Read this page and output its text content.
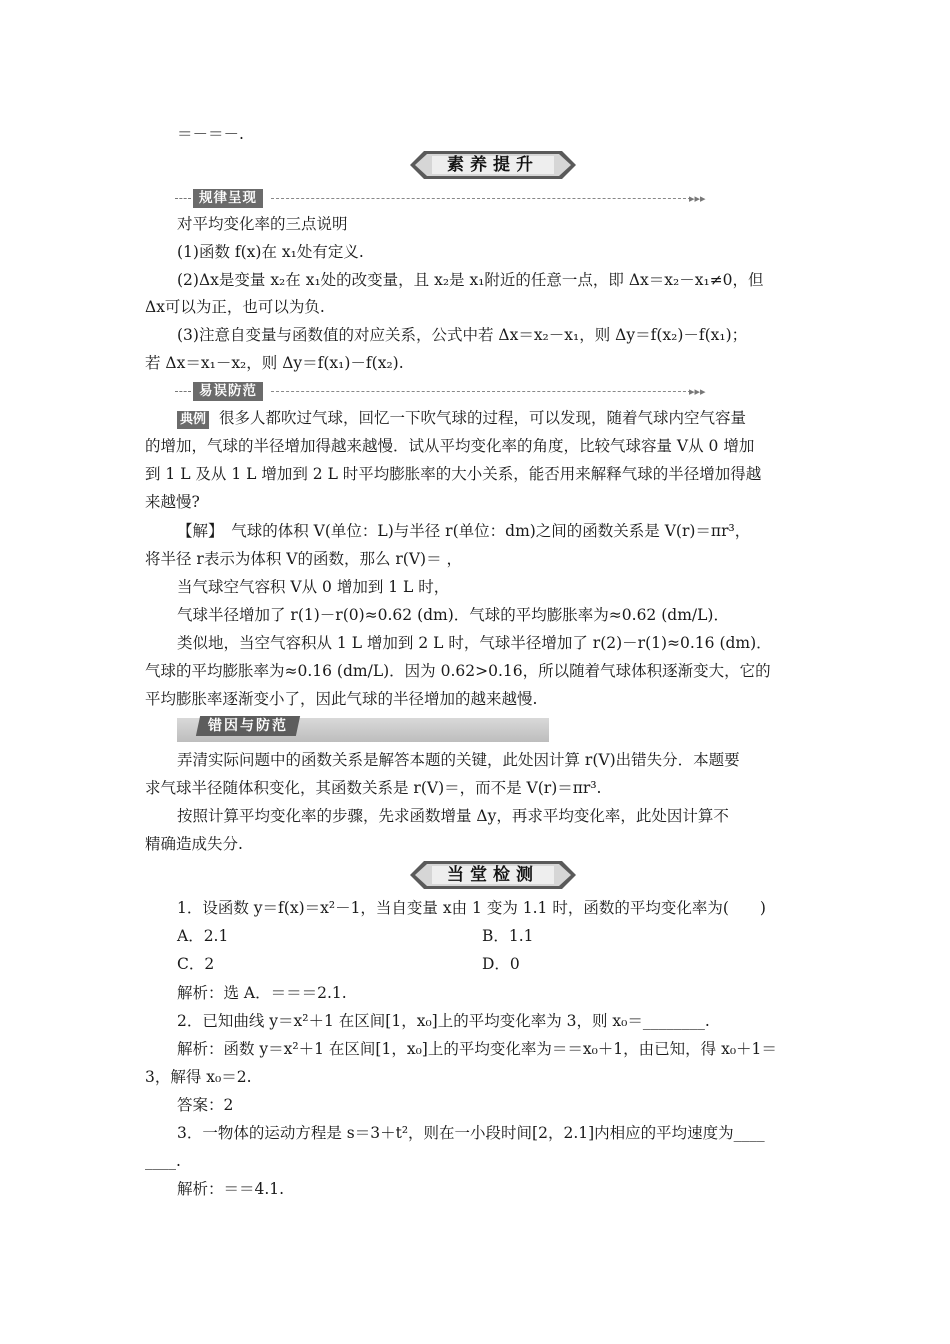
＝－＝－.
素养提升
规律呈现	▸▸▸
对平均变化率的三点说明
(1)函数 f(x)在 x₁处有定义.
(2)Δx是变量 x₂在 x₁处的改变量，且 x₂是 x₁附近的任意一点，即 Δx＝x₂－x₁≠0，但
Δx可以为正，也可以为负.
(3)注意自变量与函数值的对应关系，公式中若 Δx＝x₂－x₁，则 Δy＝f(x₂)－f(x₁)；
若 Δx＝x₁－x₂，则 Δy＝f(x₁)－f(x₂).
易误防范	▸▸▸
典例 很多人都吹过气球，回忆一下吹气球的过程，可以发现，随着气球内空气容量
的增加，气球的半径增加得越来越慢．试从平均变化率的角度，比较气球容量 V从 0 增加
到 1 L 及从 1 L 增加到 2 L 时平均膨胀率的大小关系，能否用来解释气球的半径增加得越
来越慢?
【解】　气球的体积 V(单位：L)与半径 r(单位：dm)之间的函数关系是 V(r)＝πr³，
将半径 r表示为体积 V的函数，那么 r(V)＝ ，
当气球空气容积 V从 0 增加到 1 L 时，
气球半径增加了 r(1)－r(0)≈0.62 (dm)．气球的平均膨胀率为≈0.62 (dm/L)．
类似地，当空气容积从 1 L 增加到 2 L 时，气球半径增加了 r(2)－r(1)≈0.16 (dm)．
气球的平均膨胀率为≈0.16 (dm/L)．因为 0.62>0.16，所以随着气球体积逐渐变大，它的
平均膨胀率逐渐变小了，因此气球的半径增加的越来越慢.
错因与防范
弄清实际问题中的函数关系是解答本题的关键，此处因计算 r(V)出错失分．本题要
求气球半径随体积变化，其函数关系是 r(V)＝，而不是 V(r)＝πr³.
按照计算平均变化率的步骤，先求函数增量 Δy，再求平均变化率，此处因计算不
精确造成失分.
当堂检测
1．设函数 y＝f(x)＝x²－1，当自变量 x由 1 变为 1.1 时，函数的平均变化率为(　　)
A．2.1	B．1.1
C．2	D．0
解析：选 A．＝＝＝2.1.
2．已知曲线 y＝x²＋1 在区间[1，x₀]上的平均变化率为 3，则 x₀＝________.
解析：函数 y＝x²＋1 在区间[1，x₀]上的平均变化率为＝＝x₀＋1，由已知，得 x₀＋1＝
3，解得 x₀＝2.
答案：2
3．一物体的运动方程是 s＝3＋t²，则在一小段时间[2，2.1]内相应的平均速度为____
____.
解析：＝＝4.1.
